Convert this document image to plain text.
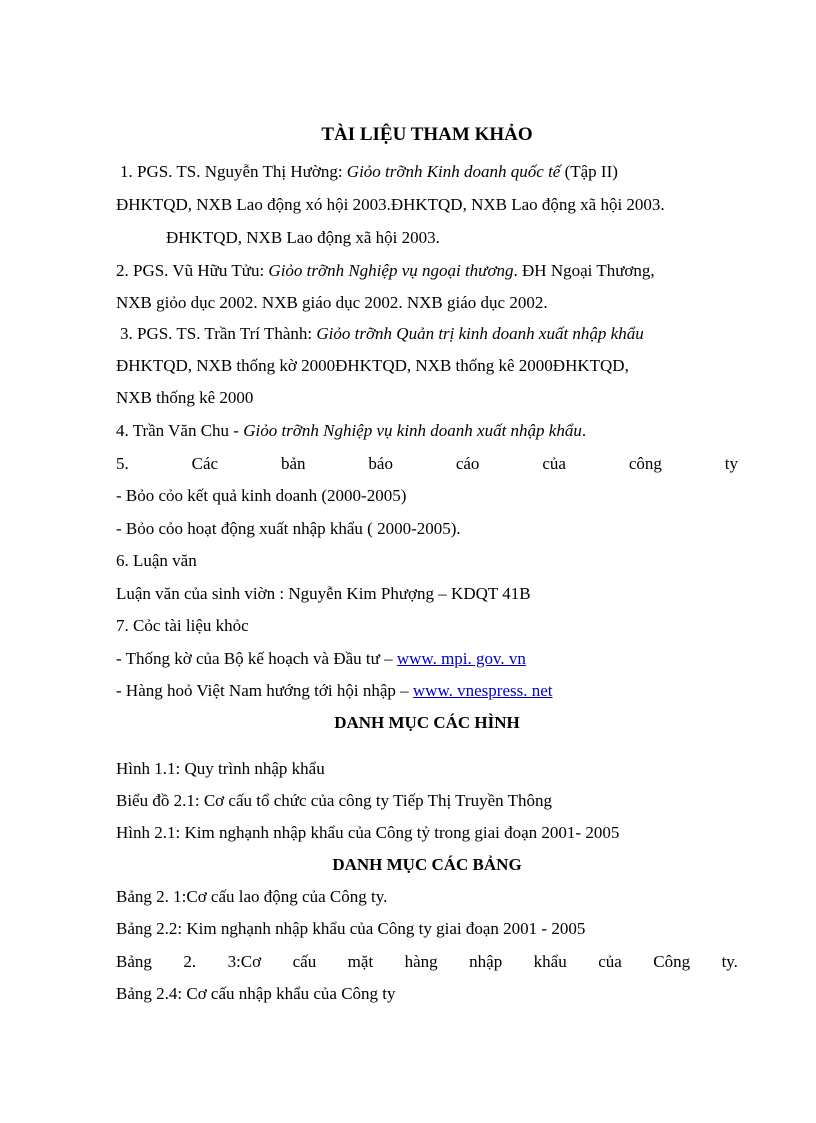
TÀI LIỆU THAM KHẢO
1. PGS. TS. Nguyễn Thị Hường: Giỏo trỡnh Kinh doanh quốc tế (Tập II)
ĐHKTQD, NXB Lao động xó hội 2003.ĐHKTQD, NXB Lao động xã hội 2003.
ĐHKTQD, NXB Lao động xã hội 2003.
2. PGS. Vũ Hữu Tửu: Giỏo trỡnh Nghiệp vụ ngoại thương. ĐH Ngoại Thương,
NXB giỏo dục 2002. NXB giáo dục 2002. NXB giáo dục 2002.
3. PGS. TS. Trần Trí Thành: Giỏo trỡnh Quản trị kinh doanh xuất nhập khẩu
ĐHKTQD, NXB thống kờ 2000ĐHKTQD, NXB thống kê 2000ĐHKTQD,
NXB thống kê 2000
4. Trần Văn Chu - Giỏo trỡnh Nghiệp vụ kinh doanh xuất nhập khẩu.
5.	Các	bản	báo	cáo	của	công	ty
- Bỏo cỏo kết quả kinh doanh (2000-2005)
- Bỏo cỏo hoạt động xuất nhập khẩu ( 2000-2005).
6. Luận văn
Luận văn của sinh viờn : Nguyễn Kim Phượng – KDQT 41B
7. Cỏc tài liệu khỏc
- Thống kờ của Bộ kế hoạch và Đầu tư – www. mpi. gov. vn
- Hàng hoỏ Việt Nam hướng tới hội nhập – www. vnespress. net
DANH MỤC CÁC HÌNH
Hình 1.1: Quy trình nhập khẩu
Biểu đồ 2.1: Cơ cấu tổ chức của công ty Tiếp Thị Truyền Thông
Hình 2.1: Kim nghạnh nhập khẩu của Công tỷ trong giai đoạn 2001- 2005
DANH MỤC CÁC BẢNG
Bảng 2. 1:Cơ cấu lao động của Công ty.
Bảng 2.2: Kim nghạnh nhập khẩu của Công ty giai đoạn 2001 - 2005
Bảng 2. 3:Cơ cấu mặt hàng nhập khẩu của Công ty.
Bảng 2.4: Cơ cấu nhập khẩu của Công ty
